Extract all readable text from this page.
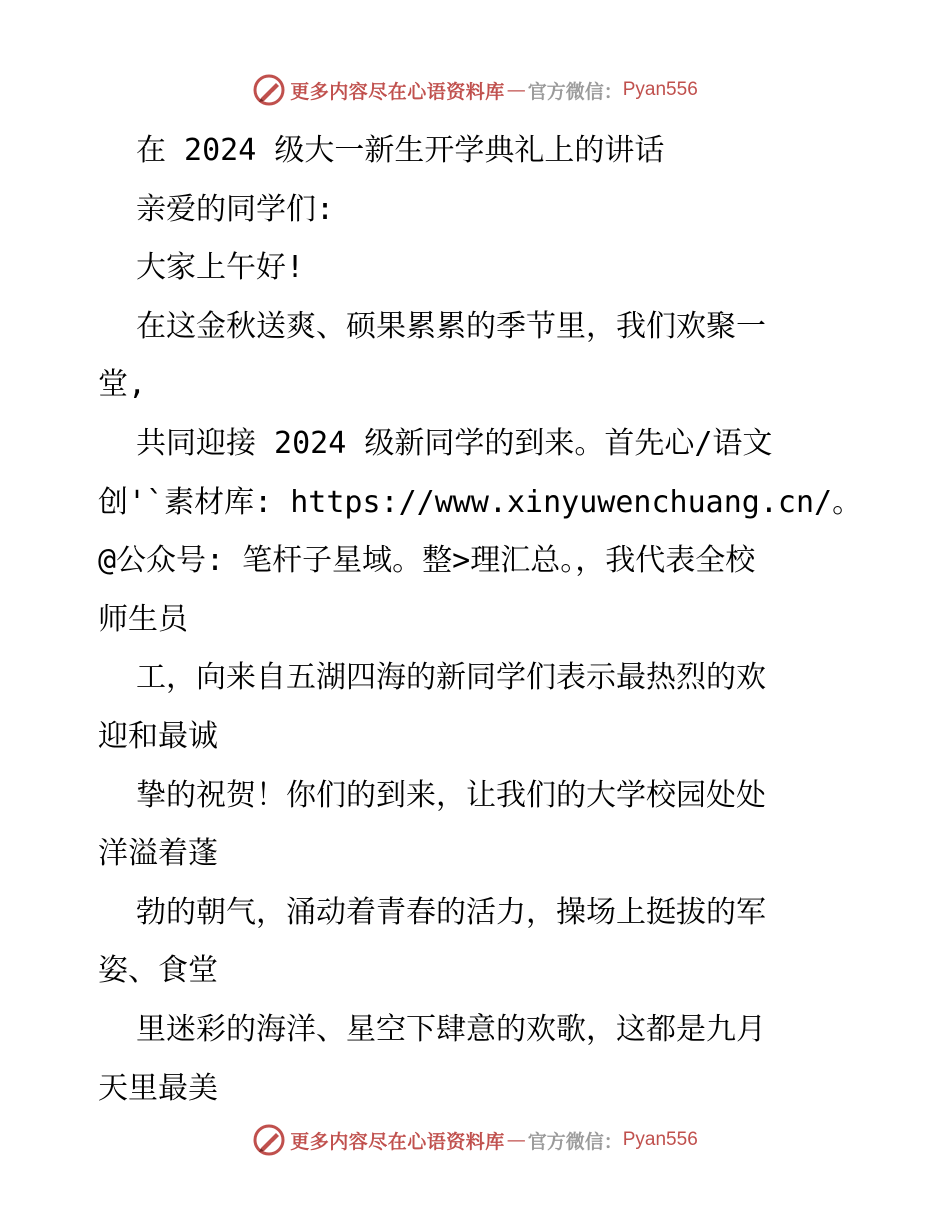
更多内容尽在心语资料库 — 官方微信： Pyan556
在 2024 级大一新生开学典礼上的讲话
亲爱的同学们:
大家上午好!
在这金秋送爽、硕果累累的季节里，我们欢聚一
堂,
共同迎接 2024 级新同学的到来。首先心/语文
创'`素材库: https://www.xinyuwenchuang.cn/。
@公众号: 笔杆子星域。整>理汇总。，我代表全校
师生员
工，向来自五湖四海的新同学们表示最热烈的欢
迎和最诚
挚的祝贺！你们的到来，让我们的大学校园处处
洋溢着蓬
勃的朝气，涌动着青春的活力，操场上挺拔的军
姿、食堂
里迷彩的海洋、星空下肆意的欢歌，这都是九月
天里最美
更多内容尽在心语资料库 — 官方微信： Pyan556
